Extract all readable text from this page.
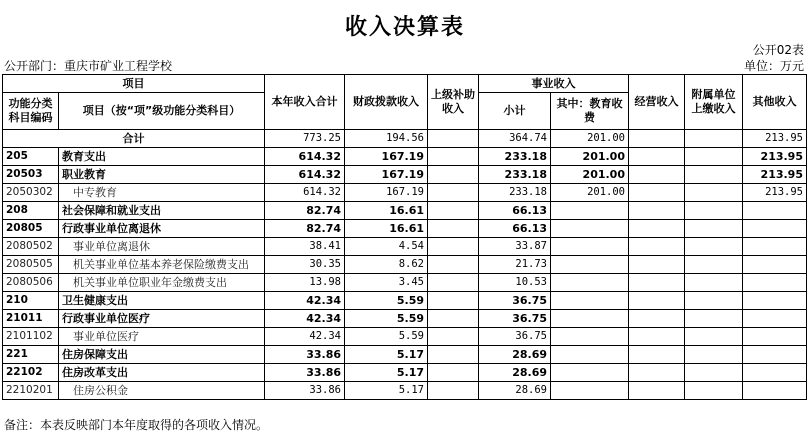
收入决算表
公开02表
公开部门：重庆市矿业工程学校	单位：万元
项目		本年收入合计	财政拨款收入	上级补助收入	事业收入		经营收入	附属单位上缴收入	其他收入
功能分类科目编码	项目（按“项”级功能分类科目）								
					小计	其中：教育收费			
合计		773.25	194.56		364.74	201.00			213.95
205	教育支出	614.32	167.19		233.18	201.00			213.95
20503	职业教育	614.32	167.19		233.18	201.00			213.95
2050302	中专教育	614.32	167.19		233.18	201.00			213.95
208	社会保障和就业支出	82.74	16.61		66.13				
20805	行政事业单位离退休	82.74	16.61		66.13				
2080502	事业单位离退休	38.41	4.54		33.87				
2080505	机关事业单位基本养老保险缴费支出	30.35	8.62		21.73				
2080506	机关事业单位职业年金缴费支出	13.98	3.45		10.53				
210	卫生健康支出	42.34	5.59		36.75				
21011	行政事业单位医疗	42.34	5.59		36.75				
2101102	事业单位医疗	42.34	5.59		36.75				
221	住房保障支出	33.86	5.17		28.69				
22102	住房改革支出	33.86	5.17		28.69				
2210201	住房公积金	33.86	5.17		28.69				
备注：本表反映部门本年度取得的各项收入情况。
